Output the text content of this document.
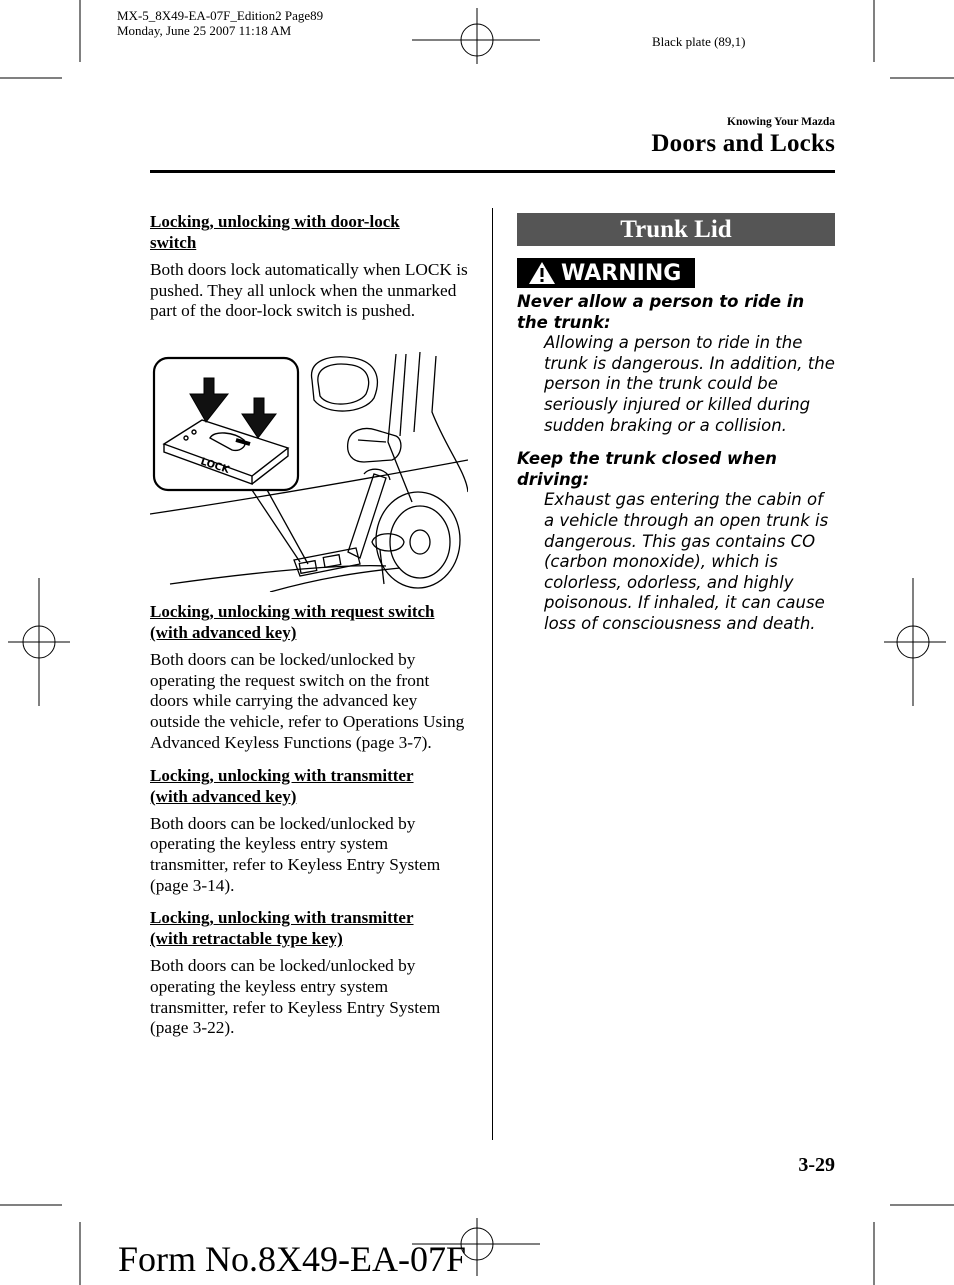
MX-5_8X49-EA-07F_Edition2 Page89
Monday, June 25 2007 11:18 AM
Black plate (89,1)
Knowing Your Mazda
Doors and Locks
Locking, unlocking with door-lock
switch

Both doors lock automatically when LOCK is pushed. They all unlock when the unmarked part of the door-lock switch is pushed.

LOCK
Locking, unlocking with request switch
(with advanced key)

Both doors can be locked/unlocked by operating the request switch on the front doors while carrying the advanced key outside the vehicle, refer to Operations Using Advanced Keyless Functions (page 3-7).

Locking, unlocking with transmitter
(with advanced key)

Both doors can be locked/unlocked by operating the keyless entry system transmitter, refer to Keyless Entry System (page 3-14).

Locking, unlocking with transmitter
(with retractable type key)

Both doors can be locked/unlocked by operating the keyless entry system transmitter, refer to Keyless Entry System (page 3-22).

Trunk Lid
WARNING
Never allow a person to ride in the trunk:
Allowing a person to ride in the trunk is dangerous. In addition, the person in the trunk could be seriously injured or killed during sudden braking or a collision.
Keep the trunk closed when driving:
Exhaust gas entering the cabin of a vehicle through an open trunk is dangerous. This gas contains CO (carbon monoxide), which is colorless, odorless, and highly poisonous. If inhaled, it can cause loss of consciousness and death.
3-29
Form No.8X49-EA-07F
